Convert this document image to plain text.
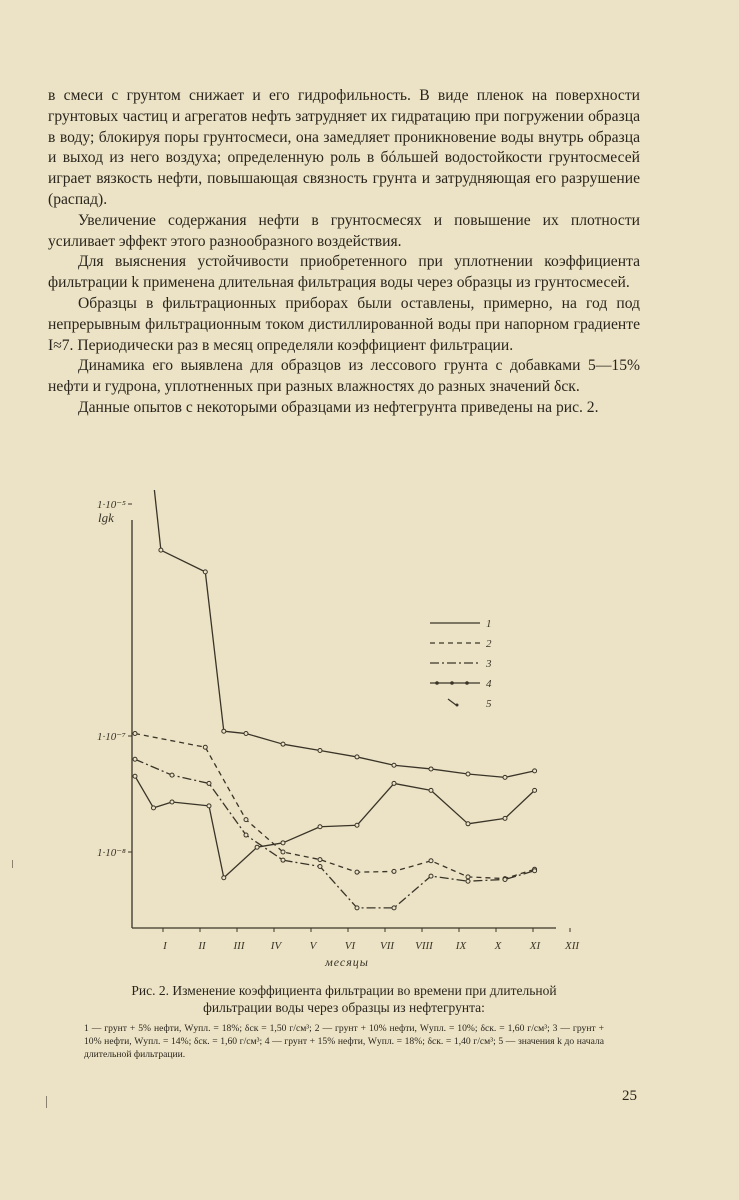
в смеси с грунтом снижает и его гидрофильность. В виде пленок на поверхности грунтовых частиц и агрегатов нефть затрудняет их гидратацию при погружении образца в воду; блокируя поры грунтосмеси, она замедляет проникновение воды внутрь образца и выход из него воздуха; определенную роль в бóльшей водостойкости грунтосмесей играет вязкость нефти, повышающая связность грунта и затрудняющая его разрушение (распад).

Увеличение содержания нефти в грунтосмесях и повышение их плотности усиливает эффект этого разнообразного воздействия.

Для выяснения устойчивости приобретенного при уплотнении коэффициента фильтрации k применена длительная фильтрация воды через образцы из грунтосмесей.

Образцы в фильтрационных приборах были оставлены, примерно, на год под непрерывным фильтрационным током дистиллированной воды при напорном градиенте I≈7. Периодически раз в месяц определяли коэффициент фильтрации.

Динамика его выявлена для образцов из лессового грунта с добавками 5—15% нефти и гудрона, уплотненных при разных влажностях до разных значений δск.

Данные опытов с некоторыми образцами из нефтегрунта приведены на рис. 2.

lgk
1·10⁻⁵
1·10⁻⁷
1·10⁻⁸
I	II	III IV	V	VI VII VIII IX	X	XI XII
месяцы
1
2
3
4
5
Рис. 2. Изменение коэффициента фильтрации во времени при длительной
фильтрации воды через образцы из нефтегрунта:
1 — грунт + 5% нефти, Wупл. = 18%; δск = 1,50 г/см³; 2 — грунт + 10% нефти, Wупл. = 10%; δск. = 1,60 г/см³; 3 — грунт + 10% нефти, Wупл. = 14%; δск. = 1,60 г/см³; 4 — грунт + 15% нефти, Wупл. = 18%; δск. = 1,40 г/см³; 5 — значения k до начала длительной фильтрации.
25
